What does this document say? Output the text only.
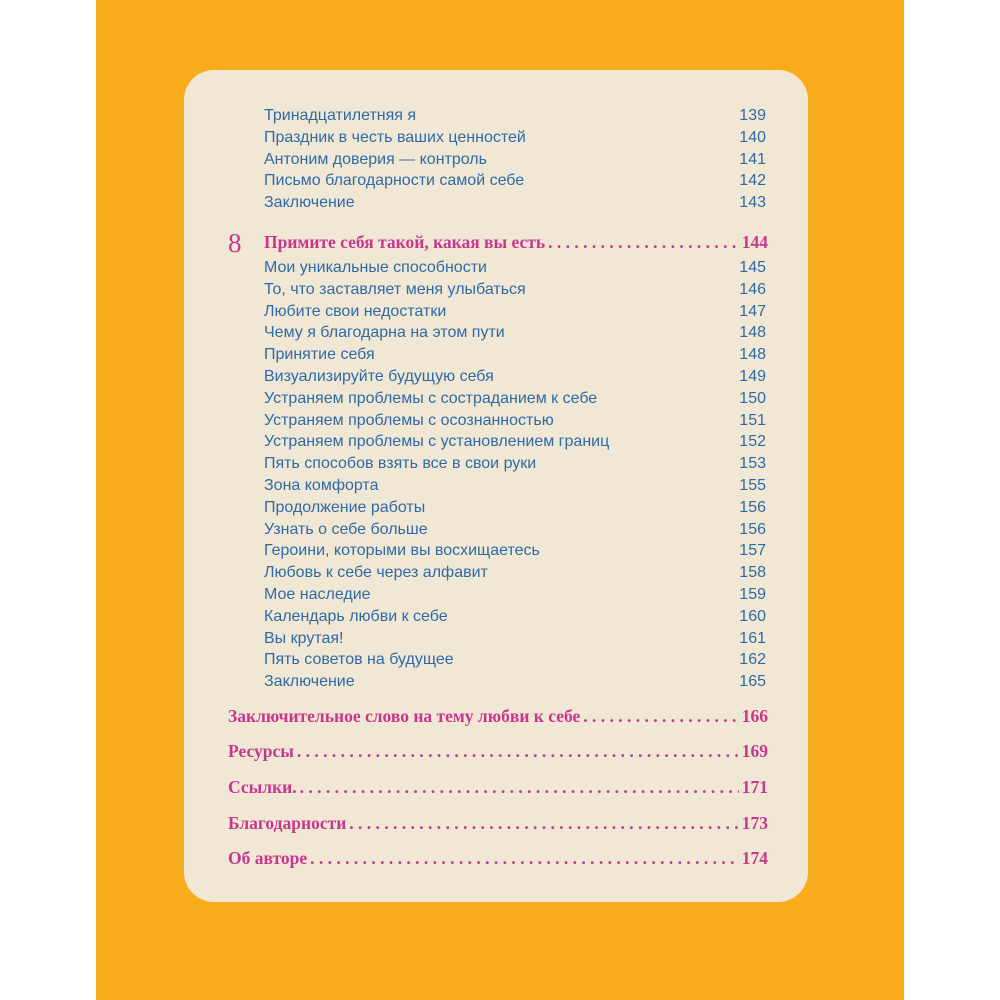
Тринадцатилетняя я	139
Праздник в честь ваших ценностей	140
Антоним доверия — контроль	141
Письмо благодарности самой себе	142
Заключение	143
8 Примите себя такой, какая вы есть . . .	144
Мои уникальные способности	145
То, что заставляет меня улыбаться	146
Любите свои недостатки	147
Чему я благодарна на этом пути	148
Принятие себя	148
Визуализируйте будущую себя	149
Устраняем проблемы с состраданием к себе	150
Устраняем проблемы с осознанностью	151
Устраняем проблемы с установлением границ	152
Пять способов взять все в свои руки	153
Зона комфорта	155
Продолжение работы	156
Узнать о себе больше	156
Героини, которыми вы восхищаетесь	157
Любовь к себе через алфавит	158
Мое наследие	159
Календарь любви к себе	160
Вы крутая!	161
Пять советов на будущее	162
Заключение	165
Заключительное слово на тему любви к себе . . .	166
Ресурсы . . .	169
Ссылки. . . .	171
Благодарности . . .	173
Об авторе . . .	174
